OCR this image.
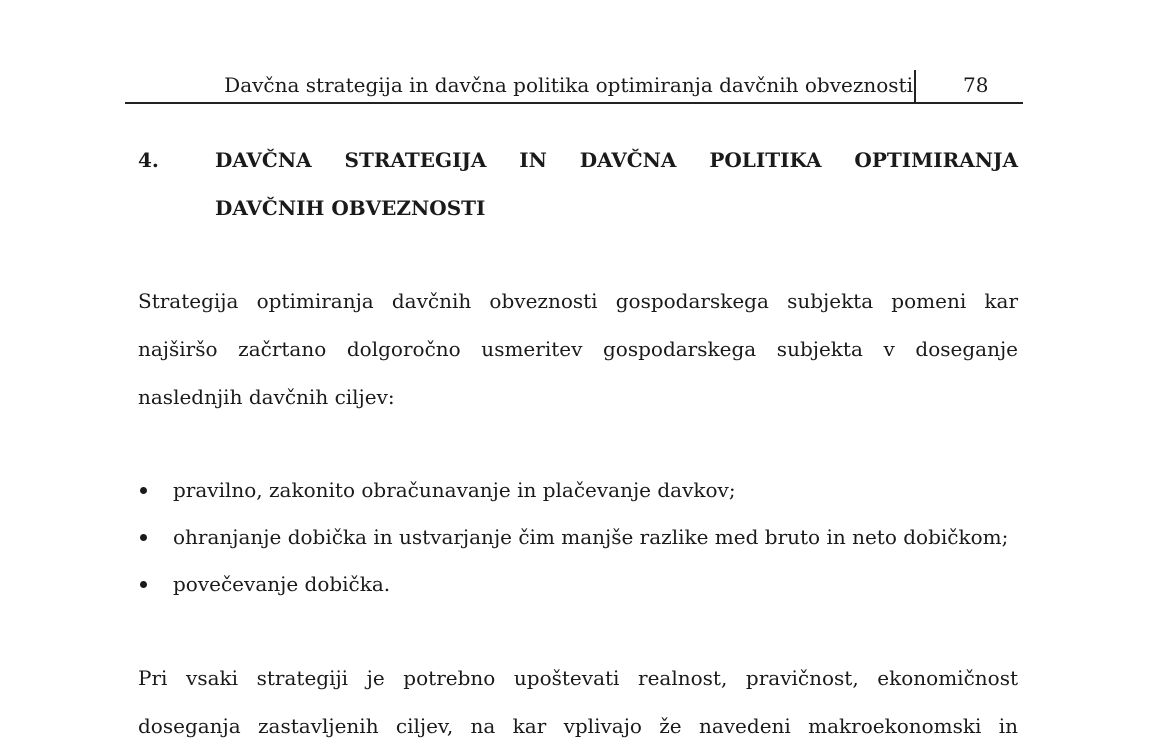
Davčna strategija in davčna politika optimiranja davčnih obveznosti	78
4.	DAVČNA STRATEGIJA IN DAVČNA POLITIKA OPTIMIRANJA
DAVČNIH OBVEZNOSTI
Strategija optimiranja davčnih obveznosti gospodarskega subjekta pomeni kar
najširšo začrtano dolgoročno usmeritev gospodarskega subjekta v doseganje
naslednjih davčnih ciljev:
pravilno, zakonito obračunavanje in plačevanje davkov;
ohranjanje dobička in ustvarjanje čim manjše razlike med bruto in neto dobičkom;
povečevanje dobička.
Pri vsaki strategiji je potrebno upoštevati realnost, pravičnost, ekonomičnost
doseganja zastavljenih ciljev, na kar vplivajo že navedeni makroekonomski in
